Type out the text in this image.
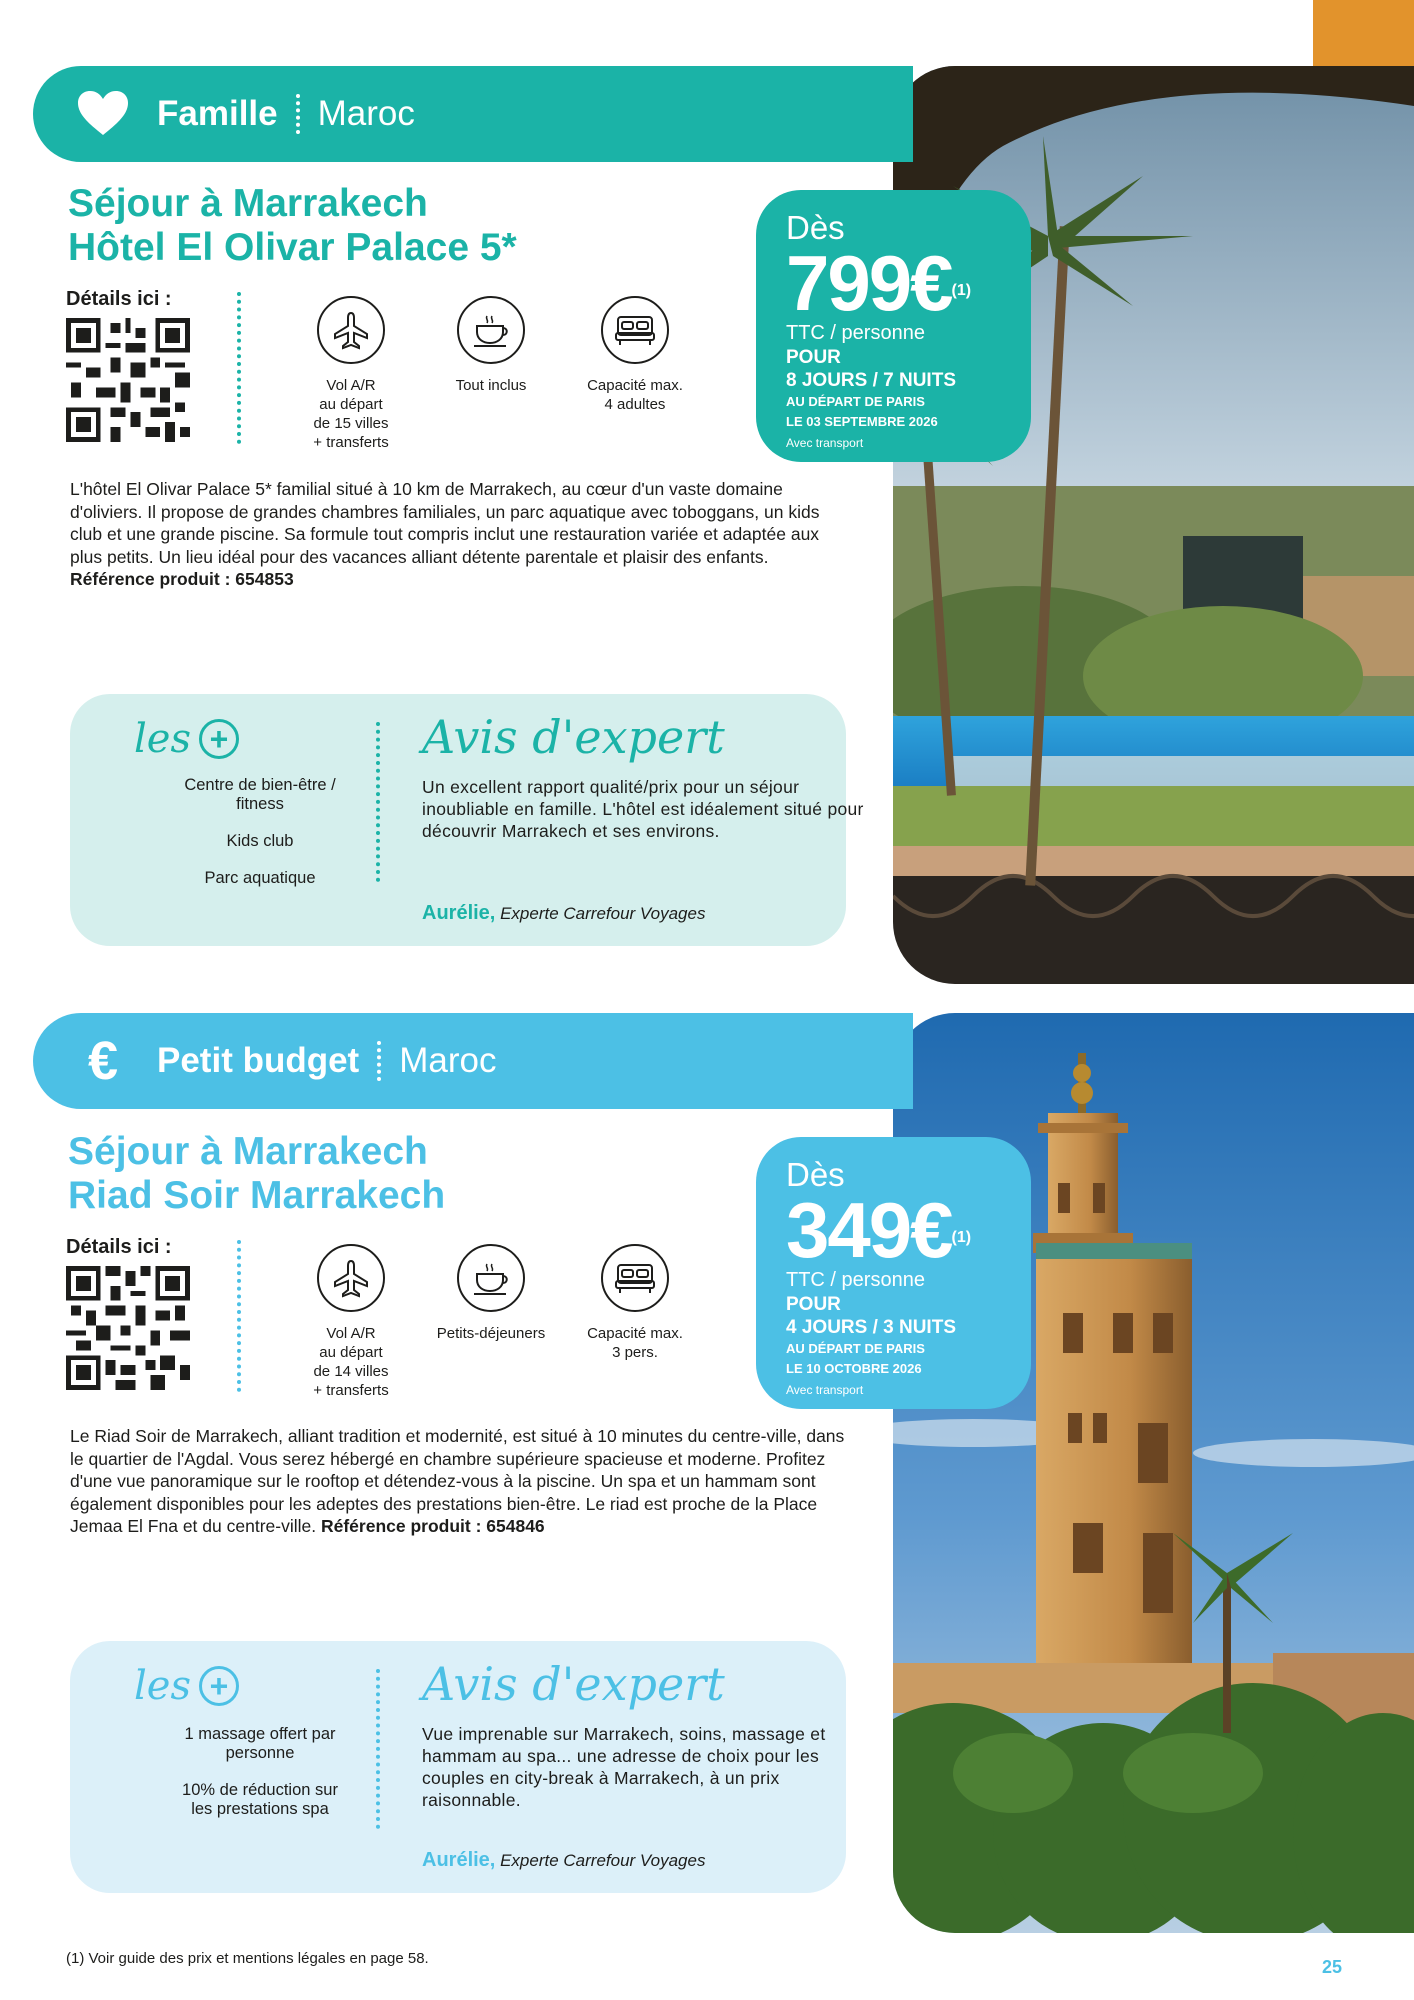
Famille Maroc
Séjour à Marrakech
Hôtel El Olivar Palace 5*	Dès
799€$^{(1)}$
TTC / personne
POUR
8 JOURS / 7 NUITS
AU DÉPART DE PARIS
LE 03 SEPTEMBRE 2026
Avec transport
Détails ici :
Vol A/R
au départ
de 15 villes
+ transferts
Tout inclus	Capacité max.
4 adultes
L'hôtel El Olivar Palace 5* familial situé à 10 km de Marrakech, au cœur d'un vaste domaine d'oliviers. Il propose de grandes chambres familiales, un parc aquatique avec toboggans, un kids club et une grande piscine. Sa formule tout compris inclut une restauration variée et adaptée aux plus petits. Un lieu idéal pour des vacances alliant détente parentale et plaisir des enfants. Référence produit : 654853
les +
Centre de bien-être / fitness
Kids club
Parc aquatique
Avis d'expert
Un excellent rapport qualité/prix pour un séjour inoubliable en famille. L'hôtel est idéalement situé pour découvrir Marrakech et ses environs.
Aurélie, Experte Carrefour Voyages
€	Petit budget Maroc
Séjour à Marrakech
Riad Soir Marrakech	Dès
349€$^{(1)}$
TTC / personne
POUR
4 JOURS / 3 NUITS
AU DÉPART DE PARIS
LE 10 OCTOBRE 2026
Avec transport
Détails ici :
Vol A/R
au départ
de 14 villes
+ transferts
Petits-déjeuners	Capacité max.
3 pers.
Le Riad Soir de Marrakech, alliant tradition et modernité, est situé à 10 minutes du centre-ville, dans le quartier de l'Agdal. Vous serez hébergé en chambre supérieure spacieuse et moderne. Profitez d'une vue panoramique sur le rooftop et détendez-vous à la piscine. Un spa et un hammam sont également disponibles pour les adeptes des prestations bien-être. Le riad est proche de la Place Jemaa El Fna et du centre-ville. Référence produit : 654846
les +
1 massage offert par personne
10% de réduction sur les prestations spa
Avis d'expert
Vue imprenable sur Marrakech, soins, massage et hammam au spa... une adresse de choix pour les couples en city-break à Marrakech, à un prix raisonnable.
Aurélie, Experte Carrefour Voyages
(1) Voir guide des prix et mentions légales en page 58.	25
